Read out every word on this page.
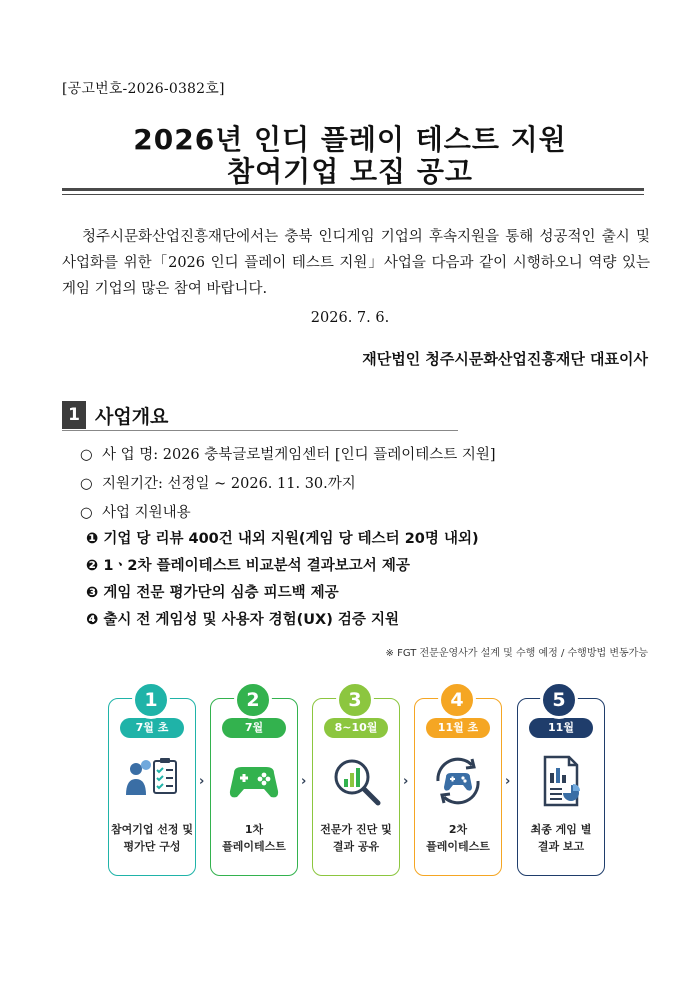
[공고번호-2026-0382호]
2026년 인디 플레이 테스트 지원
참여기업 모집 공고
청주시문화산업진흥재단에서는 충북 인디게임 기업의 후속지원을 통해 성공적인 출시 및 사업화를 위한「2026 인디 플레이 테스트 지원」사업을 다음과 같이 시행하오니 역량 있는 게임 기업의 많은 참여 바랍니다.
2026. 7. 6.
재단법인 청주시문화산업진흥재단 대표이사
1 사업개요
○ 사 업 명: 2026 충북글로벌게임센터 [인디 플레이테스트 지원]
○ 지원기간: 선정일 ~ 2026. 11. 30.까지
○ 사업 지원내용
❶ 기업 당 리뷰 400건 내외 지원(게임 당 테스터 20명 내외)
❷ 1ㆍ2차 플레이테스트 비교분석 결과보고서 제공
❸ 게임 전문 평가단의 심층 피드백 제공
❹ 출시 전 게임성 및 사용자 경험(UX) 검증 지원
※ FGT 전문운영사가 설계 및 수행 예정 / 수행방법 변동가능
7월 초
참여기업 선정 및
평가단 구성
1
›
7월
1차
플레이테스트
2
›
8~10월
전문가 진단 및
결과 공유
3
›
11월 초
2차
플레이테스트
4
›
11월
최종 게임 별
결과 보고
5
